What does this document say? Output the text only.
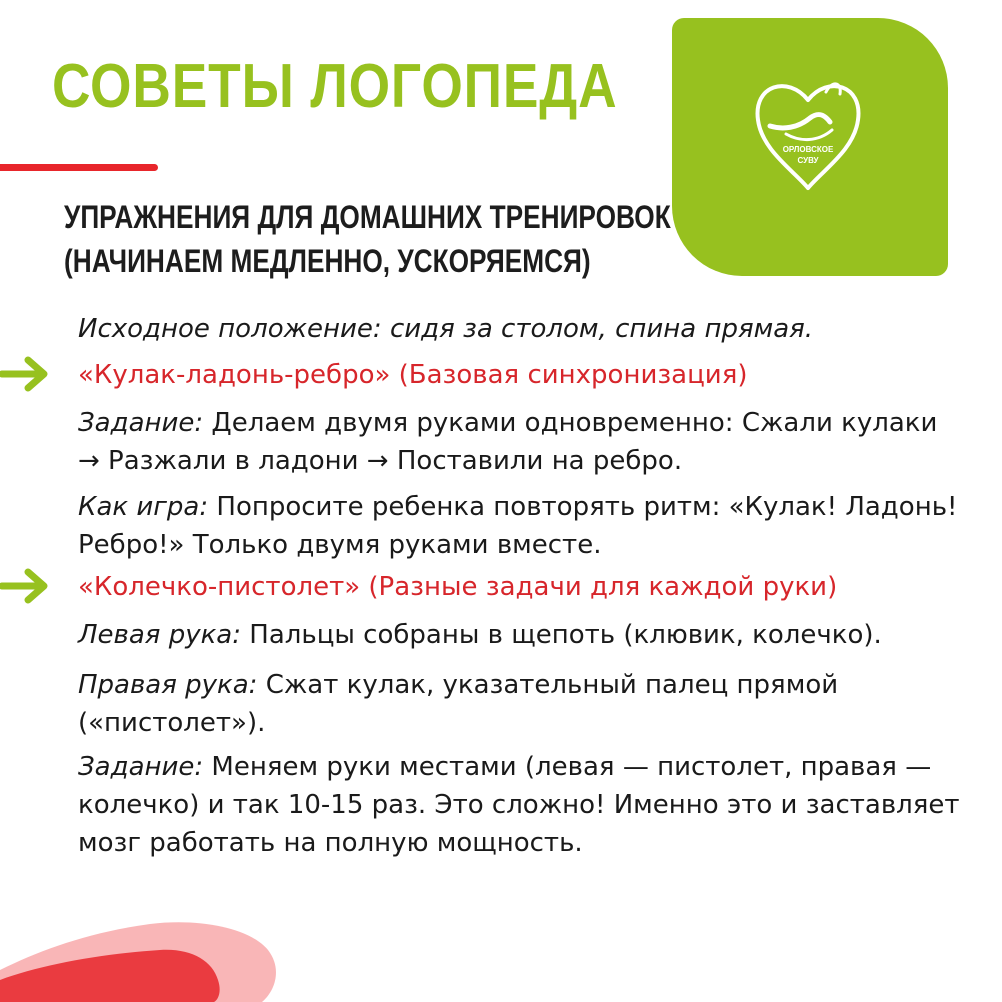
СОВЕТЫ ЛОГОПЕДА
УПРАЖНЕНИЯ ДЛЯ ДОМАШНИХ ТРЕНИРОВОК
(НАЧИНАЕМ МЕДЛЕННО, УСКОРЯЕМСЯ)
ОРЛОВСКОЕ
СУВУ
Исходное положение: сидя за столом, спина прямая.
«Кулак-ладонь-ребро» (Базовая синхронизация)
Задание: Делаем двумя руками одновременно: Сжали кулаки
→ Разжали в ладони → Поставили на ребро.
Как игра: Попросите ребенка повторять ритм: «Кулак! Ладонь!
Ребро!» Только двумя руками вместе.
«Колечко-пистолет» (Разные задачи для каждой руки)
Левая рука: Пальцы собраны в щепоть (клювик, колечко).
Правая рука: Сжат кулак, указательный палец прямой
(«пистолет»).
Задание: Меняем руки местами (левая — пистолет, правая —
колечко) и так 10-15 раз. Это сложно! Именно это и заставляет
мозг работать на полную мощность.
